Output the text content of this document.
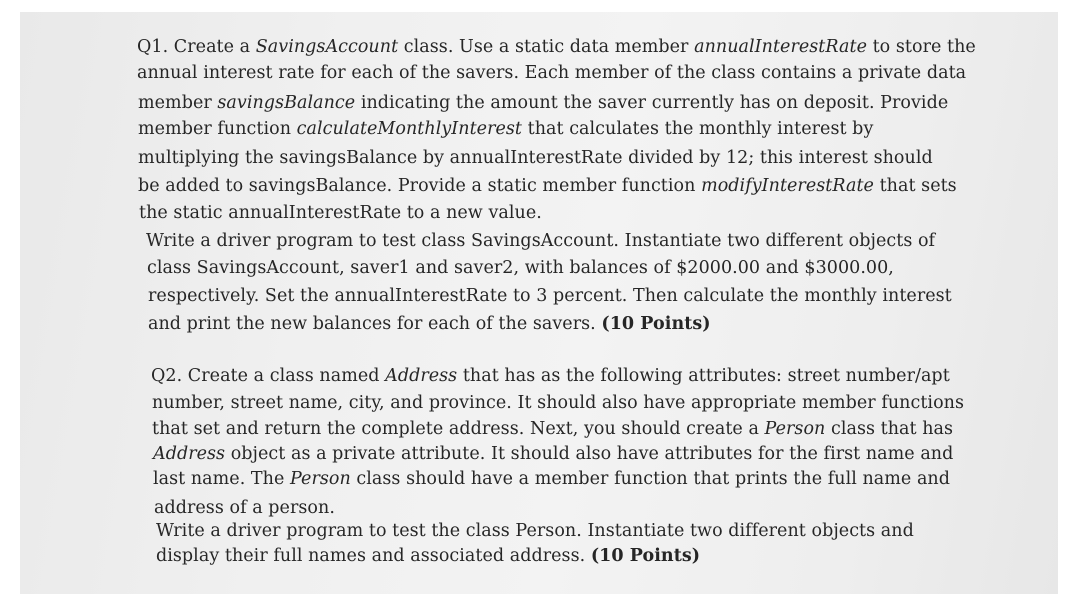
Q1. Create a SavingsAccount class. Use a static data member annualInterestRate to store the
annual interest rate for each of the savers. Each member of the class contains a private data
member savingsBalance indicating the amount the saver currently has on deposit. Provide
member function calculateMonthlyInterest that calculates the monthly interest by
multiplying the savingsBalance by annualInterestRate divided by 12; this interest should
be added to savingsBalance. Provide a static member function modifyInterestRate that sets
the static annualInterestRate to a new value.
Write a driver program to test class SavingsAccount. Instantiate two different objects of
class SavingsAccount, saver1 and saver2, with balances of $2000.00 and $3000.00,
respectively. Set the annualInterestRate to 3 percent. Then calculate the monthly interest
and print the new balances for each of the savers. (10 Points)
Q2. Create a class named Address that has as the following attributes: street number/apt
number, street name, city, and province. It should also have appropriate member functions
that set and return the complete address. Next, you should create a Person class that has
Address object as a private attribute. It should also have attributes for the first name and
last name. The Person class should have a member function that prints the full name and
address of a person.
Write a driver program to test the class Person. Instantiate two different objects and
display their full names and associated address. (10 Points)
